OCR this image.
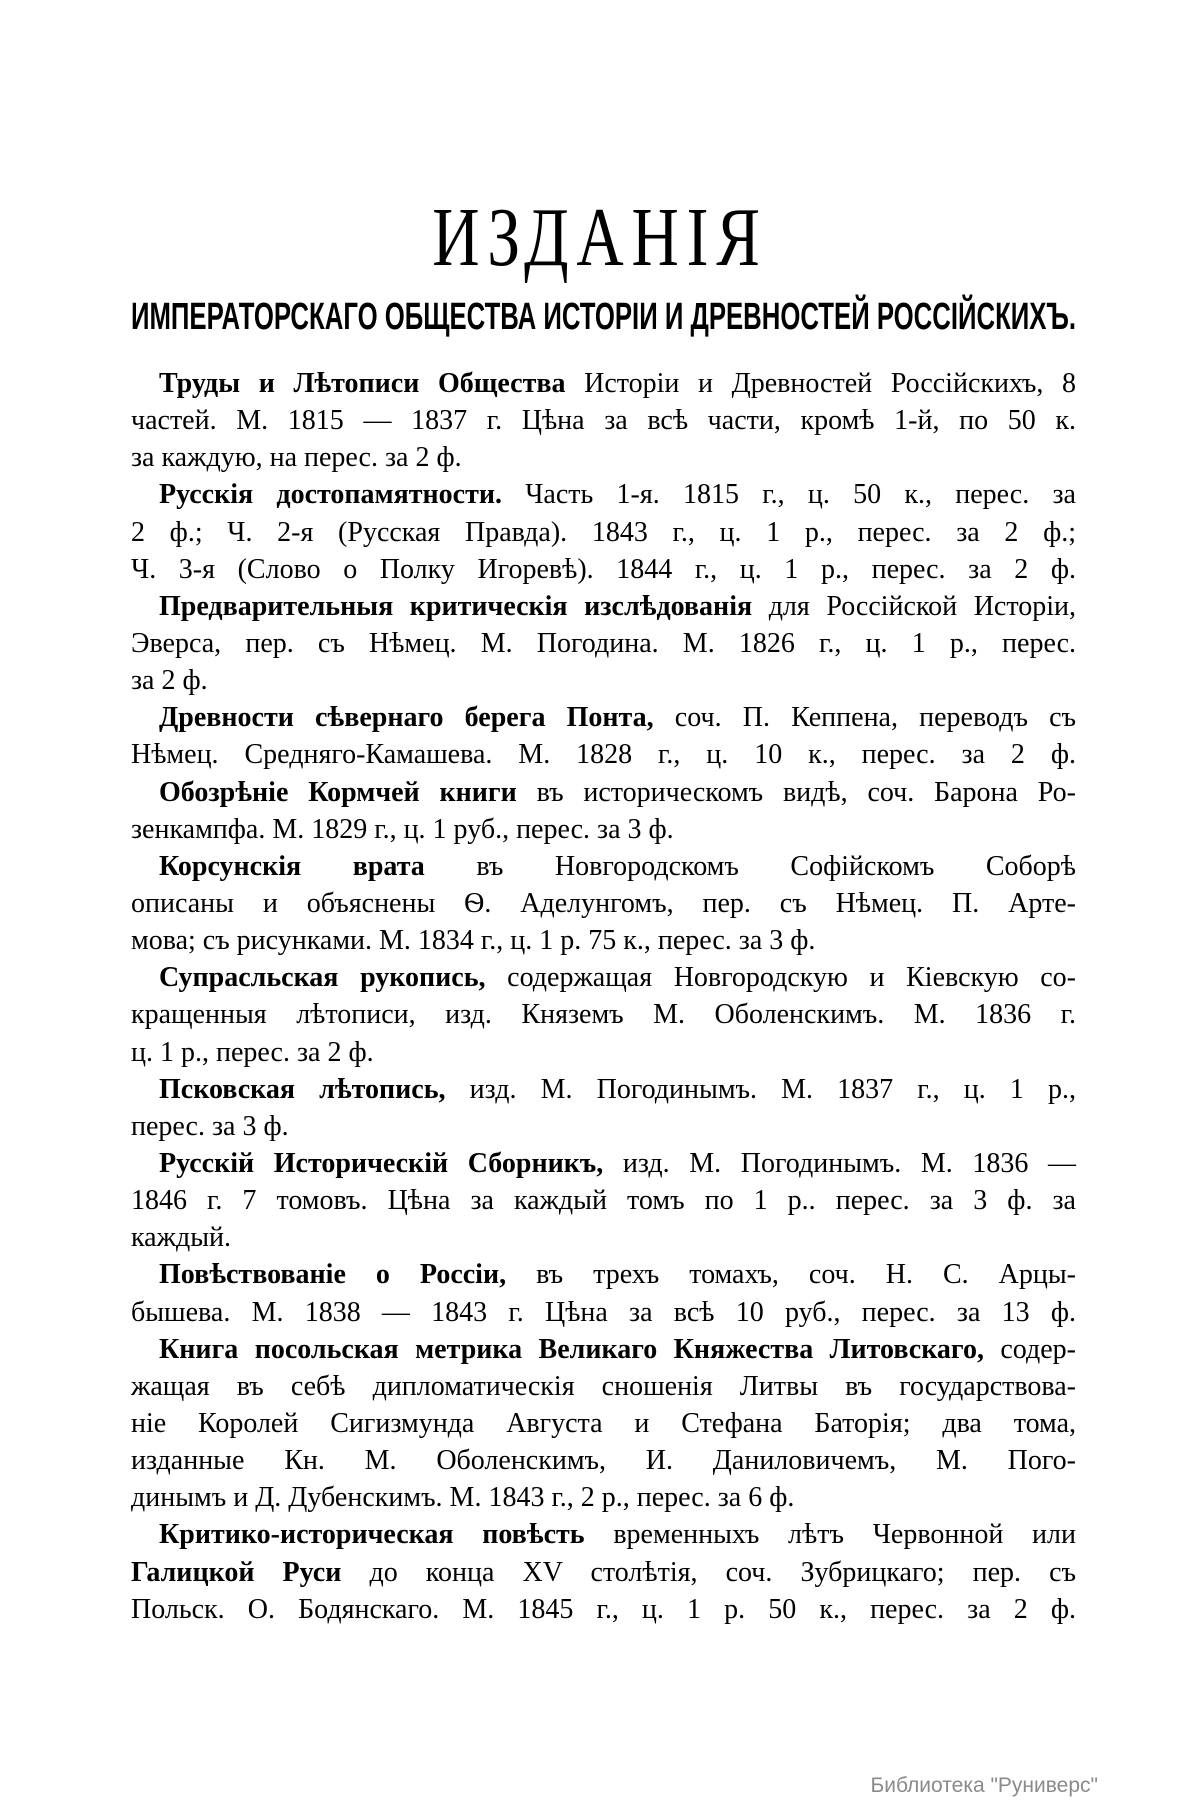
ИЗДАНІЯ
ИМПЕРАТОРСКАГО ОБЩЕСТВА ИСТОРІИ И ДРЕВНОСТЕЙ РОССІЙСКИХЪ.
Труды и Лѣтописи Общества Исторіи и Древностей Россійскихъ, 8
частей. М. 1815 — 1837 г. Цѣна за всѣ части, кромѣ 1-й, по 50 к.
за каждую, на перес. за 2 ф.
Русскія достопамятности. Часть 1-я. 1815 г., ц. 50 к., перес. за
2 ф.; Ч. 2-я (Русская Правда). 1843 г., ц. 1 р., перес. за 2 ф.;
Ч. 3-я (Слово о Полку Игоревѣ). 1844 г., ц. 1 р., перес. за 2 ф.
Предварительныя критическія изслѣдованія для Россійской Исторіи,
Эверса, пер. съ Нѣмец. М. Погодина. М. 1826 г., ц. 1 р., перес.
за 2 ф.
Древности сѣвернаго берега Понта, соч. П. Кеппена, переводъ съ
Нѣмец. Средняго-Камашева. М. 1828 г., ц. 10 к., перес. за 2 ф.
Обозрѣніе Кормчей книги въ историческомъ видѣ, соч. Барона Ро-
зенкампфа. М. 1829 г., ц. 1 руб., перес. за 3 ф.
Корсунскія врата въ Новгородскомъ Софійскомъ Соборѣ
описаны и объяснены Ѳ. Аделунгомъ, пер. съ Нѣмец. П. Арте-
мова; съ рисунками. М. 1834 г., ц. 1 р. 75 к., перес. за 3 ф.
Супрасльская рукопись, содержащая Новгородскую и Кіевскую со-
кращенныя лѣтописи, изд. Княземъ М. Оболенскимъ. М. 1836 г.
ц. 1 р., перес. за 2 ф.
Псковская лѣтопись, изд. М. Погодинымъ. М. 1837 г., ц. 1 р.,
перес. за 3 ф.
Русскій Историческій Сборникъ, изд. М. Погодинымъ. М. 1836 —
1846 г. 7 томовъ. Цѣна за каждый томъ по 1 р.. перес. за 3 ф. за
каждый.
Повѣствованіе о Россіи, въ трехъ томахъ, соч. Н. С. Арцы-
бышева. М. 1838 — 1843 г. Цѣна за всѣ 10 руб., перес. за 13 ф.
Книга посольская метрика Великаго Княжества Литовскаго, содер-
жащая въ себѣ дипломатическія сношенія Литвы въ государствова-
ніе Королей Сигизмунда Августа и Стефана Баторія; два тома,
изданные Кн. М. Оболенскимъ, И. Даниловичемъ, М. Пого-
динымъ и Д. Дубенскимъ. М. 1843 г., 2 р., перес. за 6 ф.
Критико-историческая повѣсть временныхъ лѣтъ Червонной или
Галицкой Руси до конца XV столѣтія, соч. Зубрицкаго; пер. съ
Польск. О. Бодянскаго. М. 1845 г., ц. 1 р. 50 к., перес. за 2 ф.
Библиотека "Руниверс"
